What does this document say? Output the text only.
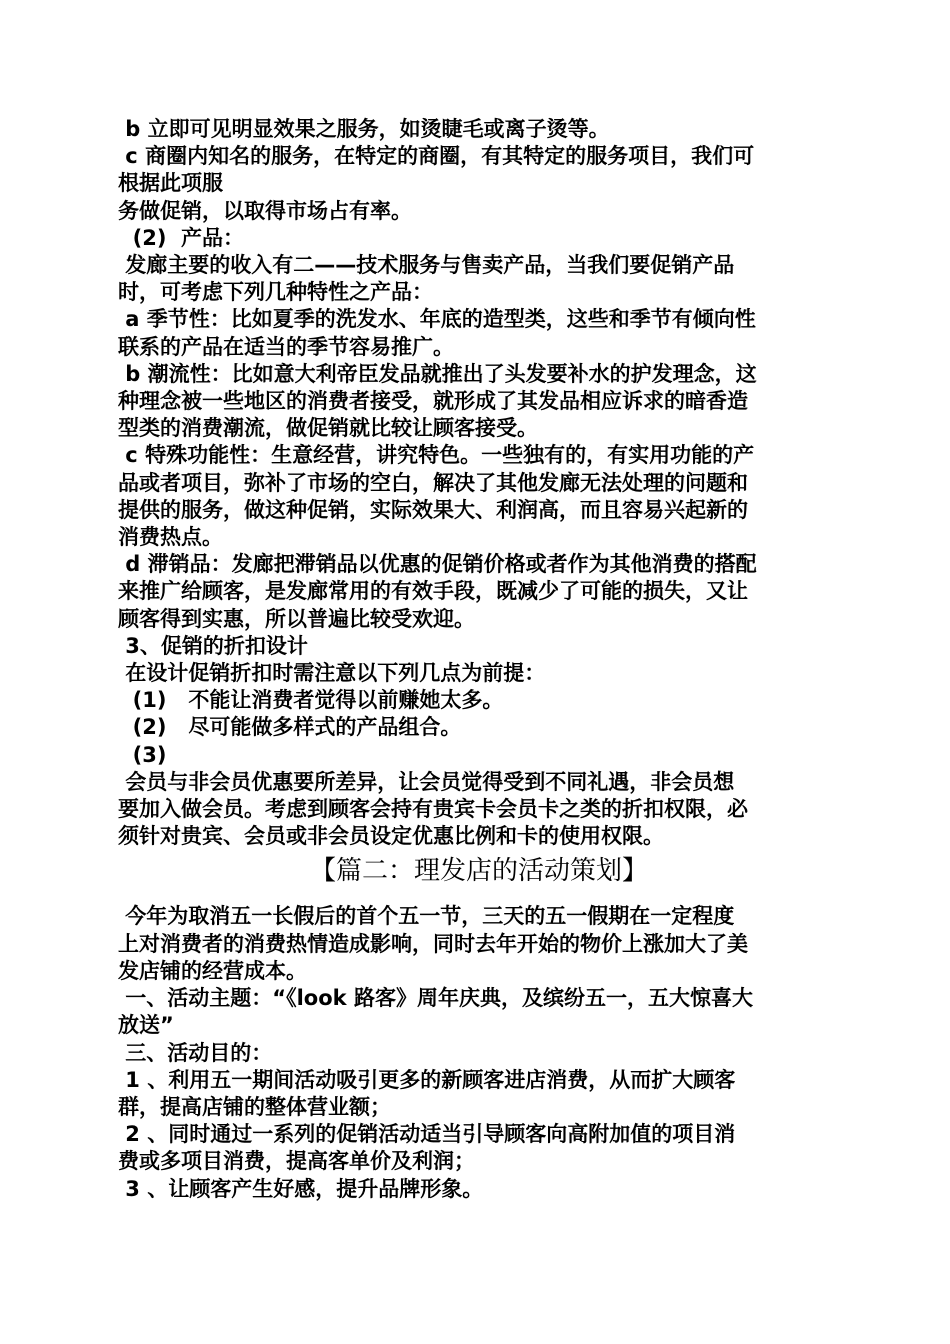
b 立即可见明显效果之服务，如烫睫毛或离子烫等。
c 商圈内知名的服务，在特定的商圈，有其特定的服务项目，我们可
根据此项服
务做促销，以取得市场占有率。
(2)  产品：
发廊主要的收入有二——技术服务与售卖产品，当我们要促销产品
时，可考虑下列几种特性之产品：
a 季节性：比如夏季的洗发水、年底的造型类，这些和季节有倾向性
联系的产品在适当的季节容易推广。
b 潮流性：比如意大利帝臣发品就推出了头发要补水的护发理念，这
种理念被一些地区的消费者接受，就形成了其发品相应诉求的暗香造
型类的消费潮流，做促销就比较让顾客接受。
c 特殊功能性：生意经营，讲究特色。一些独有的，有实用功能的产
品或者项目，弥补了市场的空白，解决了其他发廊无法处理的问题和
提供的服务，做这种促销，实际效果大、利润高，而且容易兴起新的
消费热点。
d 滞销品：发廊把滞销品以优惠的促销价格或者作为其他消费的搭配
来推广给顾客，是发廊常用的有效手段，既减少了可能的损失，又让
顾客得到实惠，所以普遍比较受欢迎。
3、促销的折扣设计
在设计促销折扣时需注意以下列几点为前提：
(1)   不能让消费者觉得以前赚她太多。
(2)   尽可能做多样式的产品组合。
(3)
会员与非会员优惠要所差异，让会员觉得受到不同礼遇，非会员想
要加入做会员。考虑到顾客会持有贵宾卡会员卡之类的折扣权限，必
须针对贵宾、会员或非会员设定优惠比例和卡的使用权限。
【篇二：理发店的活动策划】
今年为取消五一长假后的首个五一节，三天的五一假期在一定程度
上对消费者的消费热情造成影响，同时去年开始的物价上涨加大了美
发店铺的经营成本。
一、活动主题：“《look 路客》周年庆典，及缤纷五一，五大惊喜大
放送”
三、活动目的：
1 、利用五一期间活动吸引更多的新顾客进店消费，从而扩大顾客
群，提高店铺的整体营业额；
2 、同时通过一系列的促销活动适当引导顾客向高附加值的项目消
费或多项目消费，提高客单价及利润；
3 、让顾客产生好感，提升品牌形象。
